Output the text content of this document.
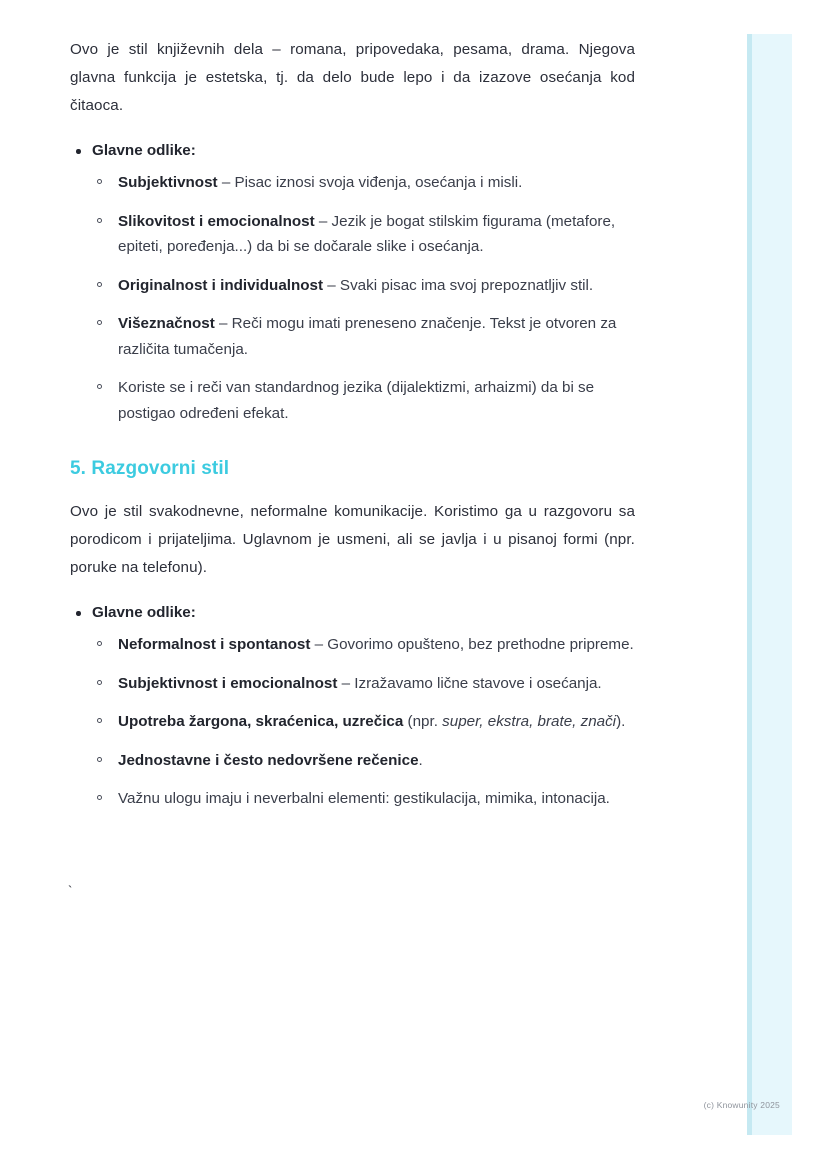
Ovo je stil književnih dela – romana, pripovedaka, pesama, drama. Njegova glavna funkcija je estetska, tj. da delo bude lepo i da izazove osećanja kod čitaoca.

Glavne odlike:
Subjektivnost – Pisac iznosi svoja viđenja, osećanja i misli.
Slikovitost i emocionalnost – Jezik je bogat stilskim figurama (metafore, epiteti, poređenja...) da bi se dočarale slike i osećanja.
Originalnost i individualnost – Svaki pisac ima svoj prepoznatljiv stil.
Višeznačnost – Reči mogu imati preneseno značenje. Tekst je otvoren za različita tumačenja.
Koriste se i reči van standardnog jezika (dijalektizmi, arhaizmi) da bi se postigao određeni efekat.
5. Razgovorni stil

Ovo je stil svakodnevne, neformalne komunikacije. Koristimo ga u razgovoru sa porodicom i prijateljima. Uglavnom je usmeni, ali se javlja i u pisanoj formi (npr. poruke na telefonu).

Glavne odlike:
Neformalnost i spontanost – Govorimo opušteno, bez prethodne pripreme.
Subjektivnost i emocionalnost – Izražavamo lične stavove i osećanja.
Upotreba žargona, skraćenica, uzrečica (npr. super, ekstra, brate, znači).
Jednostavne i često nedovršene rečenice.
Važnu ulogu imaju i neverbalni elementi: gestikulacija, mimika, intonacija.
`
(c) Knowunity 2025
